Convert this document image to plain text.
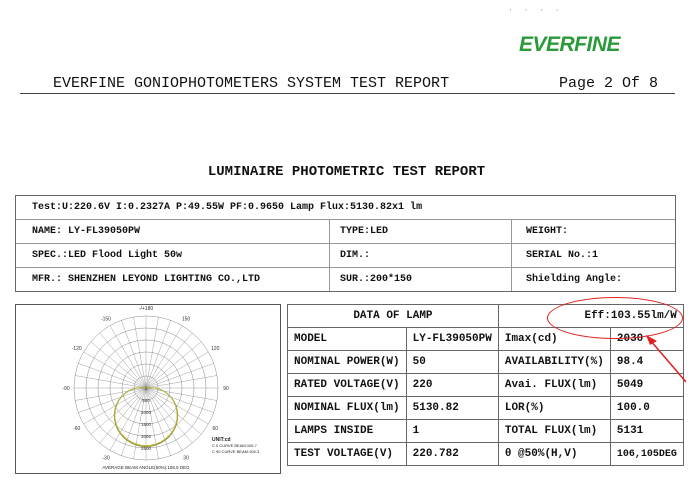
· · · ·
EVERFINE
EVERFINE GONIOPHOTOMETERS SYSTEM TEST REPORT	Page 2 Of 8
LUMINAIRE PHOTOMETRIC TEST REPORT
Test:U:220.6V I:0.2327A P:49.55W PF:0.9650 Lamp Flux:5130.82x1 lm
NAME: LY-FL39050PW	TYPE:LED	WEIGHT:
SPEC.:LED Flood Light 50w	DIM.:	SERIAL No.:1
MFR.: SHENZHEN LEYOND LIGHTING CO.,LTD	SUR.:200*150	Shielding Angle:
-/+180
-150	150
-120	120
-90	90
-60	60
-30	30
0
500
1000
1500
2000
2500
UNIT:cd
C 0 CURVE BEAM:105.7
C 90 CURVE BEAM:105.3
AVERAGE BEAM ANGLE(50%):105.5 DEG
DATA OF LAMP		Eff:103.55lm/W	
MODEL	LY-FL39050PW	Imax(cd)	2030
NOMINAL POWER(W)	50	AVAILABILITY(%)	98.4
RATED VOLTAGE(V)	220	Avai. FLUX(lm)	5049
NOMINAL FLUX(lm)	5130.82	LOR(%)	100.0
LAMPS INSIDE	1	TOTAL FLUX(lm)	5131
TEST VOLTAGE(V)	220.782	θ @50%(H,V)	106,105DEG
